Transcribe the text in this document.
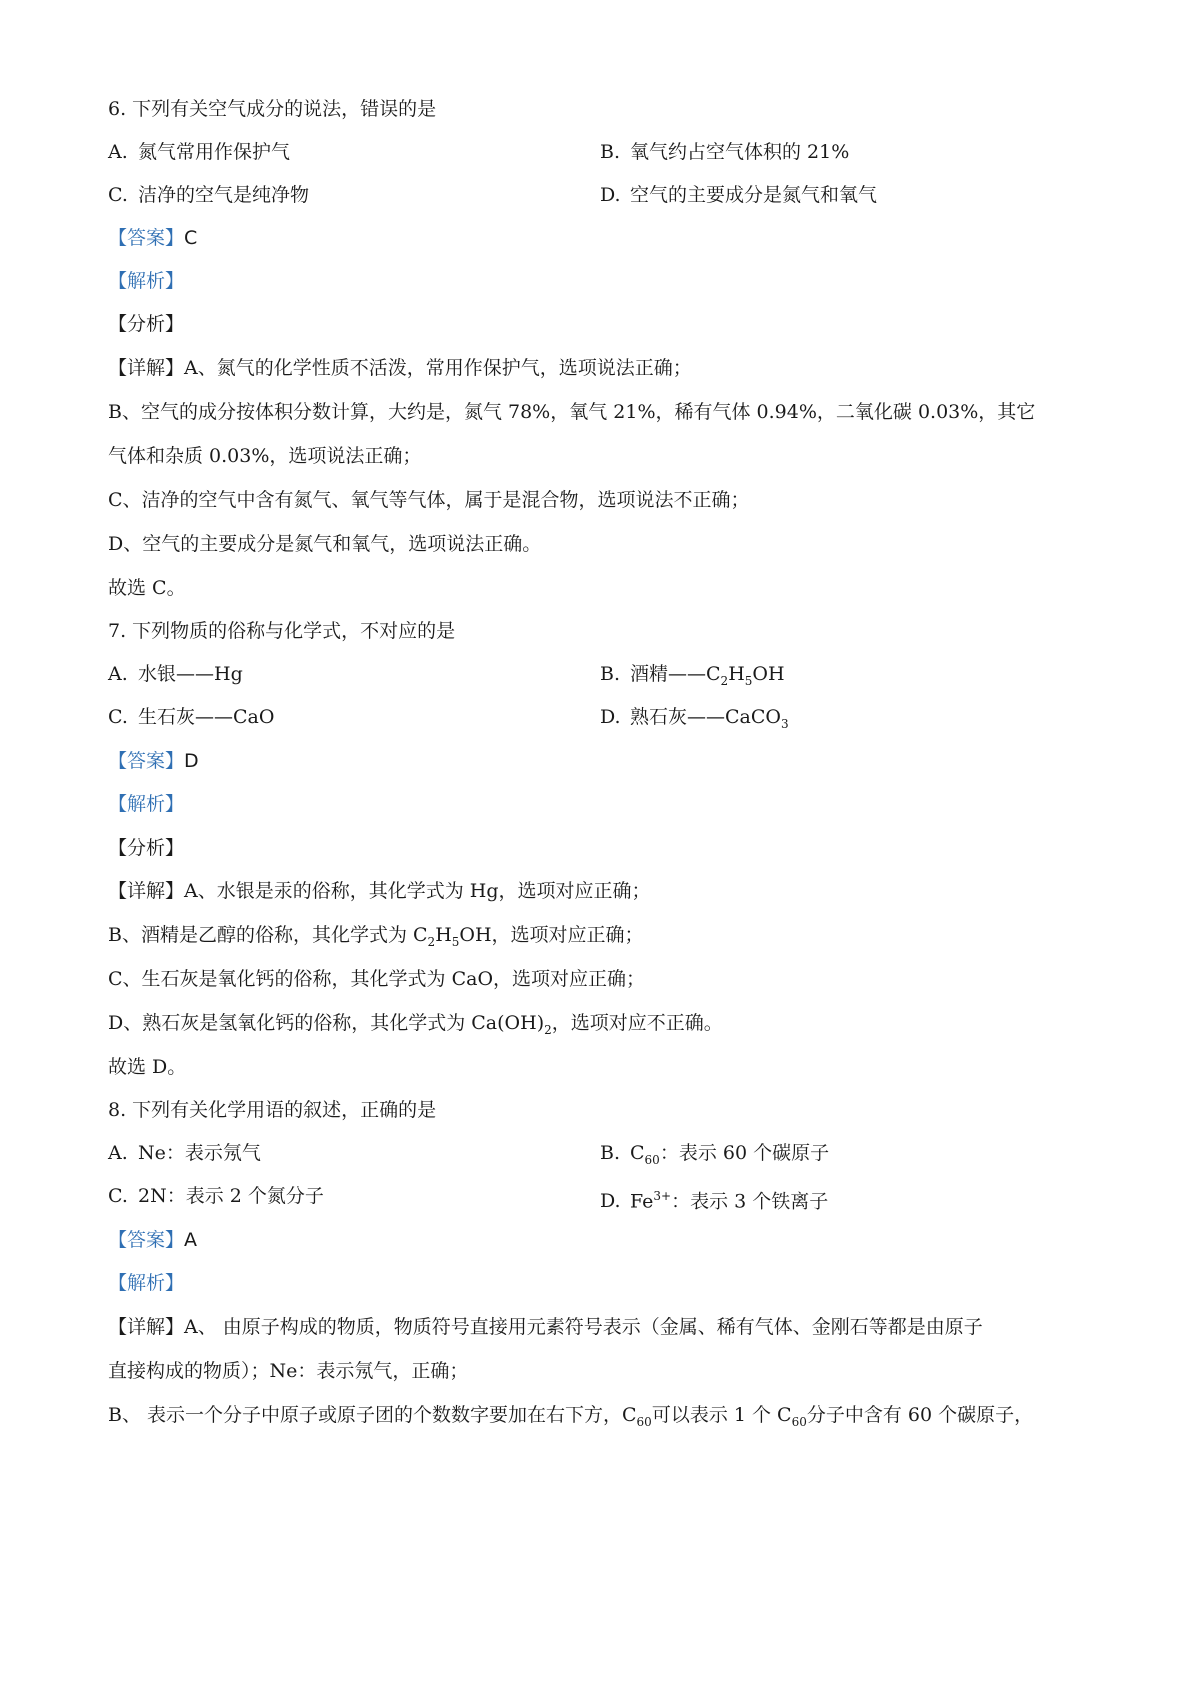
6. 下列有关空气成分的说法，错误的是
A. 氮气常用作保护气	B. 氧气约占空气体积的 21%
C. 洁净的空气是纯净物	D. 空气的主要成分是氮气和氧气
【答案】C
【解析】
【分析】
【详解】A、氮气的化学性质不活泼，常用作保护气，选项说法正确；
B、空气的成分按体积分数计算，大约是，氮气 78%，氧气 21%，稀有气体 0.94%，二氧化碳 0.03%，其它
气体和杂质 0.03%，选项说法正确；
C、洁净的空气中含有氮气、氧气等气体，属于是混合物，选项说法不正确；
D、空气的主要成分是氮气和氧气，选项说法正确。
故选 C。
7. 下列物质的俗称与化学式，不对应的是
A. 水银——Hg	B. 酒精$——C_2H_5OH$
C. 生石灰——CaO	D. 熟石灰——CaCO$_3$
【答案】D
【解析】
【分析】
【详解】A、水银是汞的俗称，其化学式为 Hg，选项对应正确；
B、酒精是乙醇的俗称，其化学式为 $C_2H_5OH$，选项对应正确；
C、生石灰是氧化钙的俗称，其化学式为 CaO，选项对应正确；
D、熟石灰是氢氧化钙的俗称，其化学式为 $Ca(OH)_2$，选项对应不正确。
故选 D。
8. 下列有关化学用语的叙述，正确的是
A. Ne：表示氖气	B. $C_{60}$：表示 60 个碳原子
C. 2N：表示 2 个氮分子	D. $Fe^{3+}$：表示 3 个铁离子
【答案】A
【解析】
【详解】A、 由原子构成的物质，物质符号直接用元素符号表示（金属、稀有气体、金刚石等都是由原子
直接构成的物质）；Ne：表示氖气，正确；
B、 表示一个分子中原子或原子团的个数数字要加在右下方，$C_{60}$可以表示 1 个 $C_{60}$分子中含有 60 个碳原子，
